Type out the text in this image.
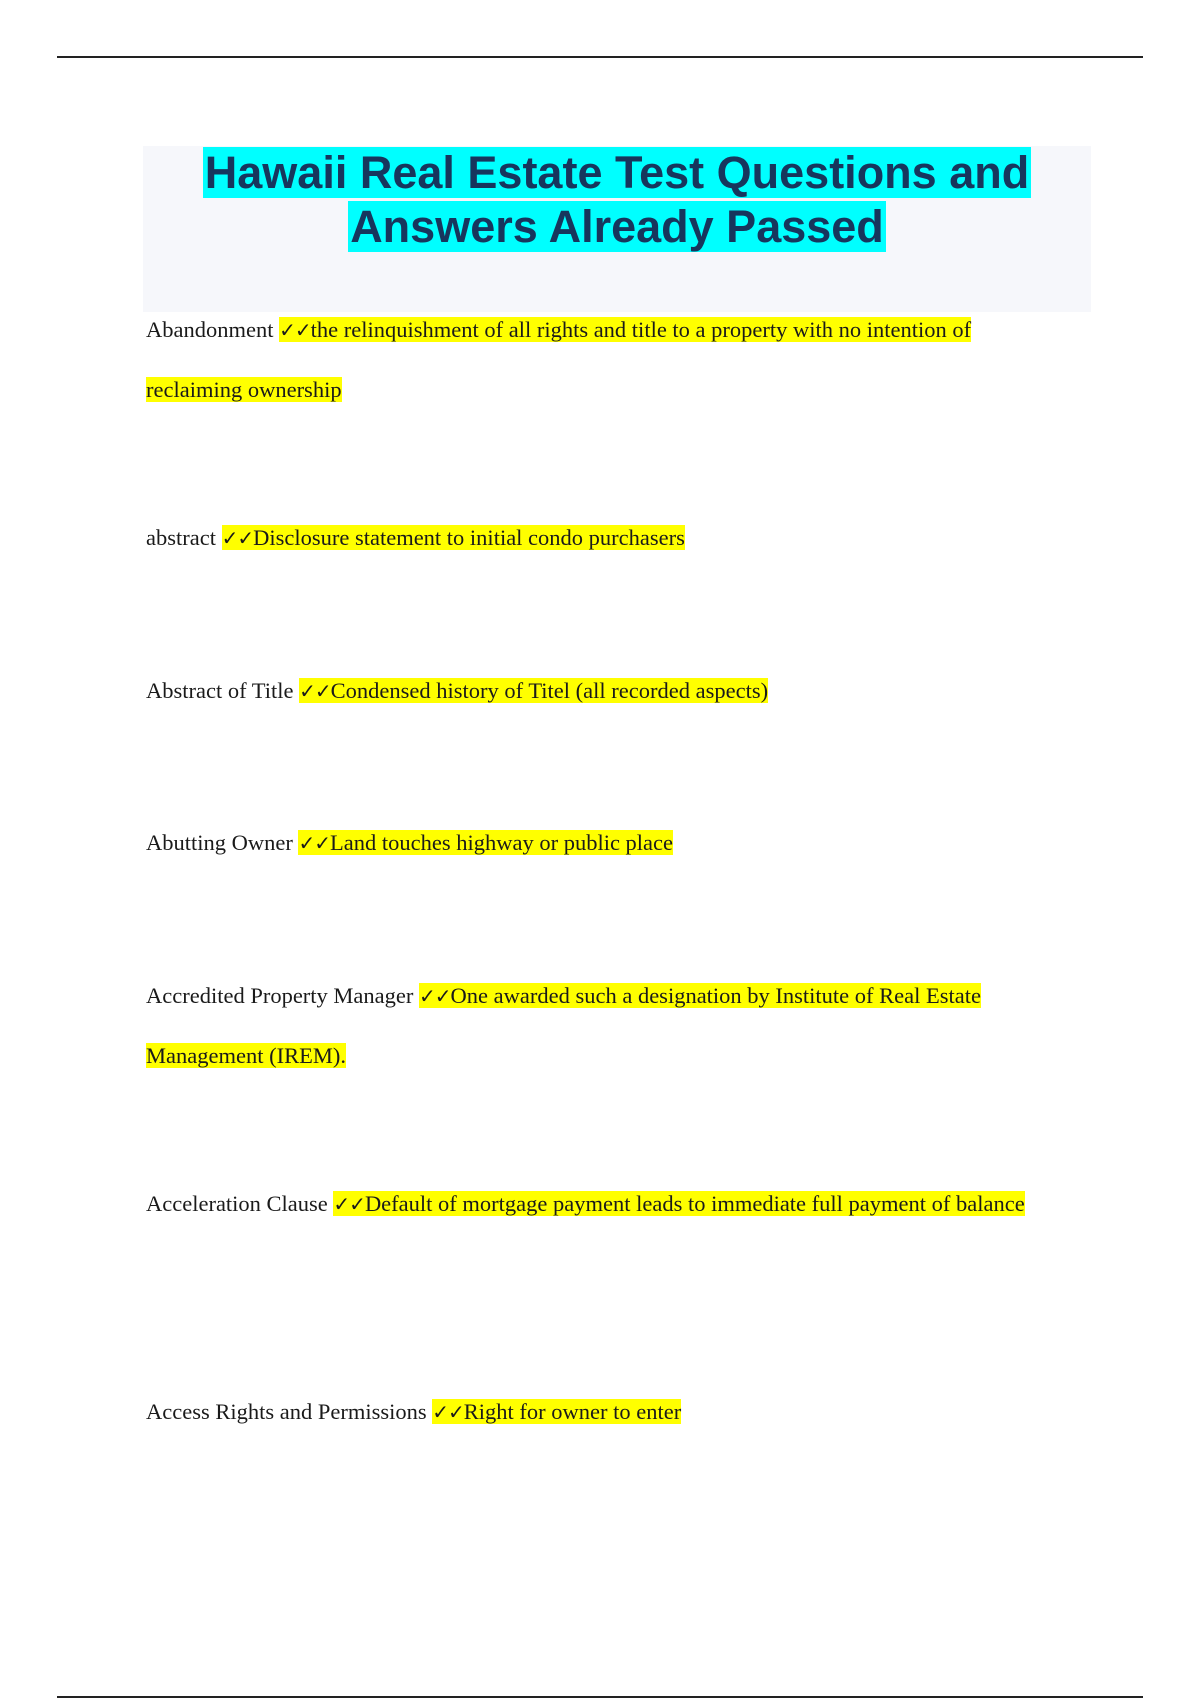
Hawaii Real Estate Test Questions and
Answers Already Passed
Abandonment ✓✓the relinquishment of all rights and title to a property with no intention of reclaiming ownership
abstract ✓✓Disclosure statement to initial condo purchasers
Abstract of Title ✓✓Condensed history of Titel (all recorded aspects)
Abutting Owner ✓✓Land touches highway or public place
Accredited Property Manager ✓✓One awarded such a designation by Institute of Real Estate Management (IREM).
Acceleration Clause ✓✓Default of mortgage payment leads to immediate full payment of balance
Access Rights and Permissions ✓✓Right for owner to enter
